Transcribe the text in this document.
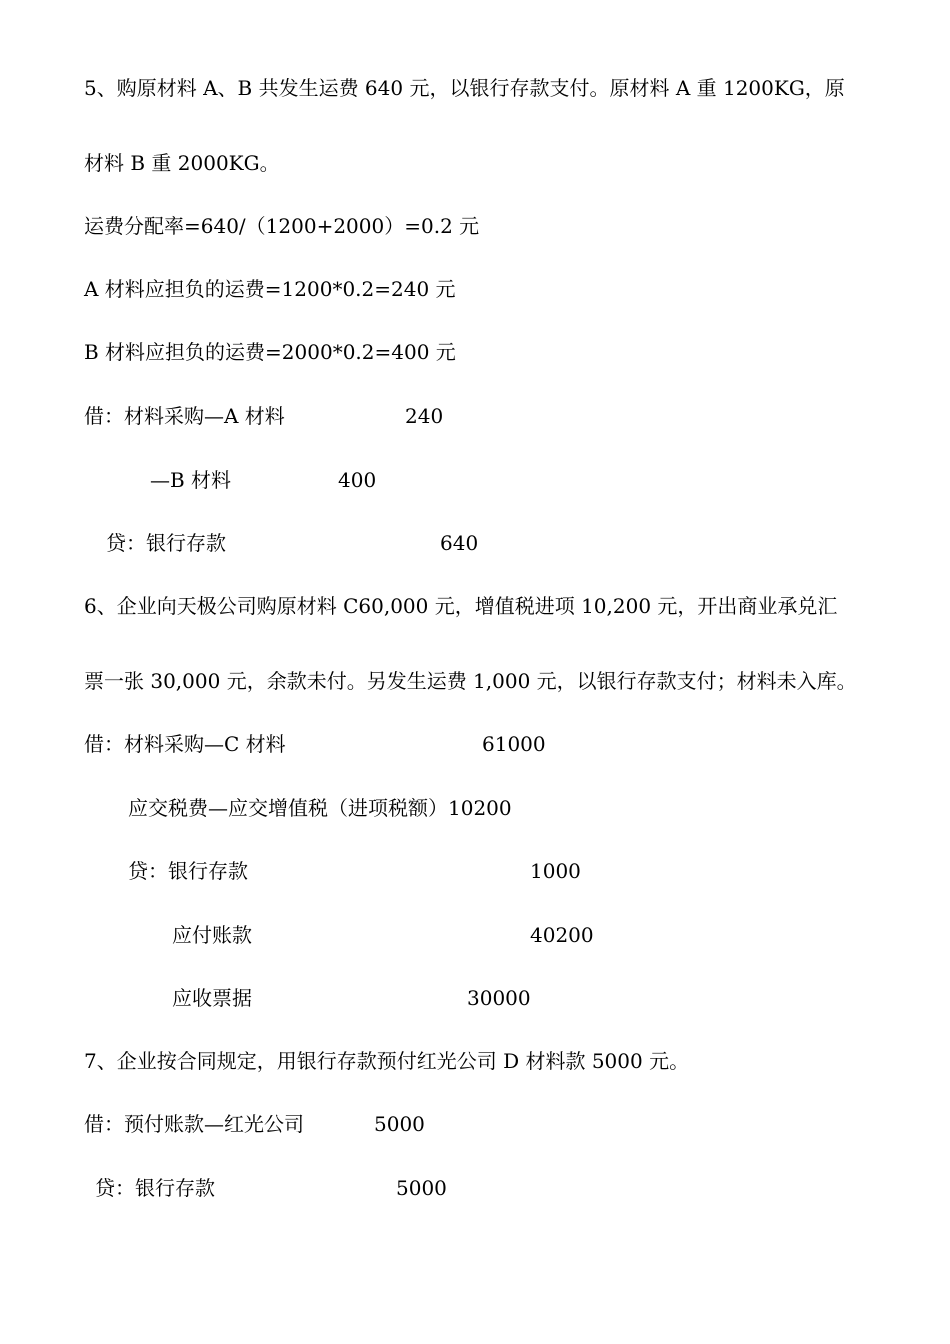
5、购原材料 A、B 共发生运费 640 元，以银行存款支付。原材料 A 重 1200KG，原
材料 B 重 2000KG。
运费分配率=640/（1200+2000）=0.2 元
A 材料应担负的运费=1200*0.2=240 元
B 材料应担负的运费=2000*0.2=400 元
借：材料采购—A 材料	240
—B 材料	400
贷：银行存款	640
6、企业向天极公司购原材料 C60,000 元，增值税进项 10,200 元，开出商业承兑汇
票一张 30,000 元，余款未付。另发生运费 1,000 元，以银行存款支付；材料未入库。
借：材料采购—C 材料	61000
应交税费—应交增值税（进项税额）10200
贷：银行存款	1000
应付账款	40200
应收票据	30000
7、企业按合同规定，用银行存款预付红光公司 D 材料款 5000 元。
借：预付账款—红光公司	5000
贷：银行存款	5000
